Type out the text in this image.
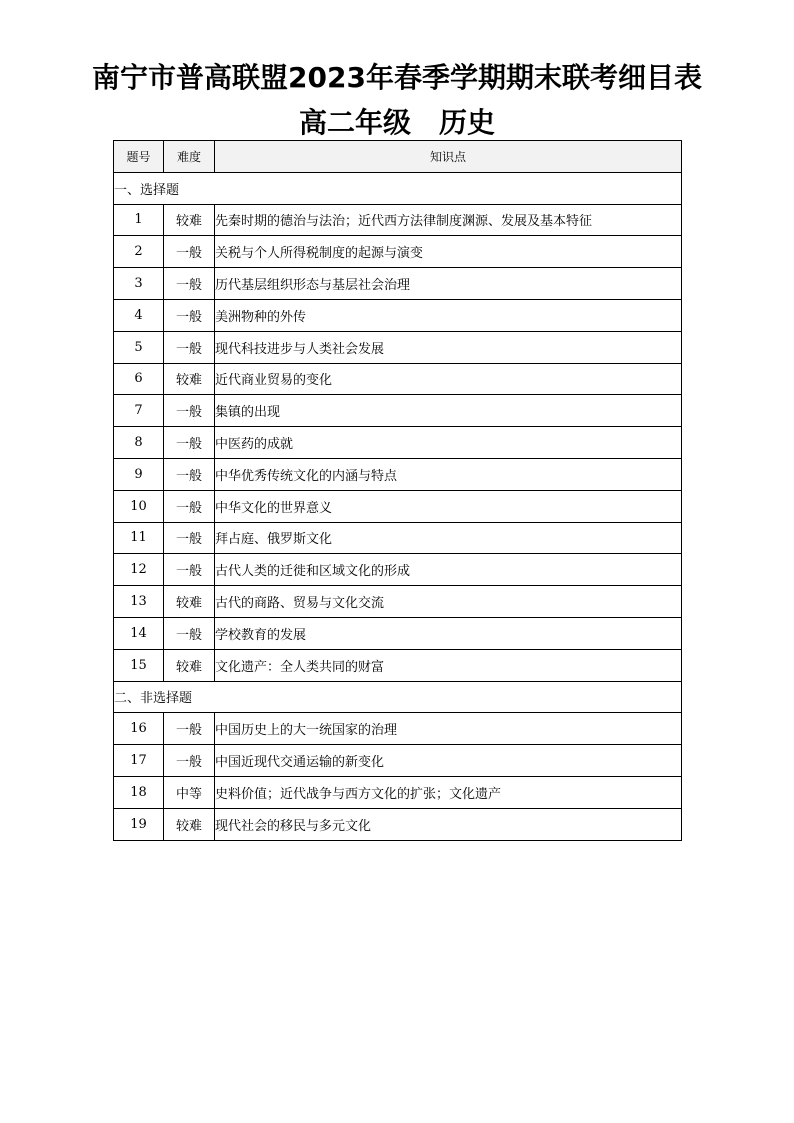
南宁市普高联盟2023年春季学期期末联考细目表
高二年级 历史
题号	难度	知识点
一、选择题		
1	较难	先秦时期的德治与法治；近代西方法律制度渊源、发展及基本特征
2	一般	关税与个人所得税制度的起源与演变
3	一般	历代基层组织形态与基层社会治理
4	一般	美洲物种的外传
5	一般	现代科技进步与人类社会发展
6	较难	近代商业贸易的变化
7	一般	集镇的出现
8	一般	中医药的成就
9	一般	中华优秀传统文化的内涵与特点
10	一般	中华文化的世界意义
11	一般	拜占庭、俄罗斯文化
12	一般	古代人类的迁徙和区域文化的形成
13	较难	古代的商路、贸易与文化交流
14	一般	学校教育的发展
15	较难	文化遗产：全人类共同的财富
二、非选择题		
16	一般	中国历史上的大一统国家的治理
17	一般	中国近现代交通运输的新变化
18	中等	史料价值；近代战争与西方文化的扩张；文化遗产
19	较难	现代社会的移民与多元文化
